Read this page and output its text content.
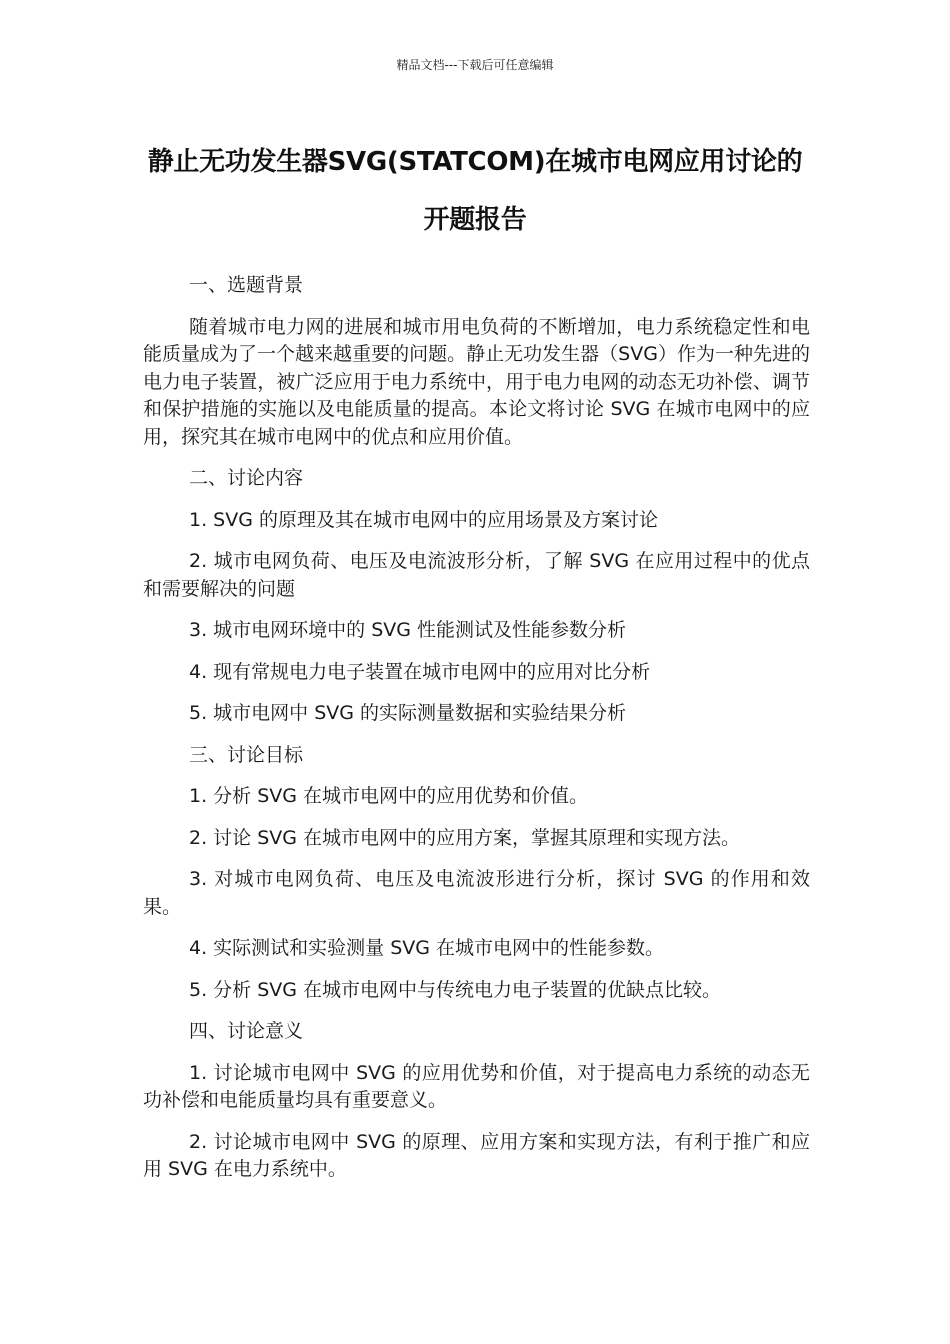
精品文档---下载后可任意编辑
静止无功发生器SVG(STATCOM)在城市电网应用讨论的开题报告

一、选题背景

随着城市电力网的进展和城市用电负荷的不断增加，电力系统稳定性和电能质量成为了一个越来越重要的问题。静止无功发生器（SVG）作为一种先进的电力电子装置，被广泛应用于电力系统中，用于电力电网的动态无功补偿、调节和保护措施的实施以及电能质量的提高。本论文将讨论 SVG 在城市电网中的应用，探究其在城市电网中的优点和应用价值。

二、讨论内容

1. SVG 的原理及其在城市电网中的应用场景及方案讨论

2. 城市电网负荷、电压及电流波形分析，了解 SVG 在应用过程中的优点和需要解决的问题

3. 城市电网环境中的 SVG 性能测试及性能参数分析

4. 现有常规电力电子装置在城市电网中的应用对比分析

5. 城市电网中 SVG 的实际测量数据和实验结果分析

三、讨论目标

1. 分析 SVG 在城市电网中的应用优势和价值。

2. 讨论 SVG 在城市电网中的应用方案，掌握其原理和实现方法。

3. 对城市电网负荷、电压及电流波形进行分析，探讨 SVG 的作用和效果。

4. 实际测试和实验测量 SVG 在城市电网中的性能参数。

5. 分析 SVG 在城市电网中与传统电力电子装置的优缺点比较。

四、讨论意义

1. 讨论城市电网中 SVG 的应用优势和价值，对于提高电力系统的动态无功补偿和电能质量均具有重要意义。

2. 讨论城市电网中 SVG 的原理、应用方案和实现方法，有利于推广和应用 SVG 在电力系统中。
